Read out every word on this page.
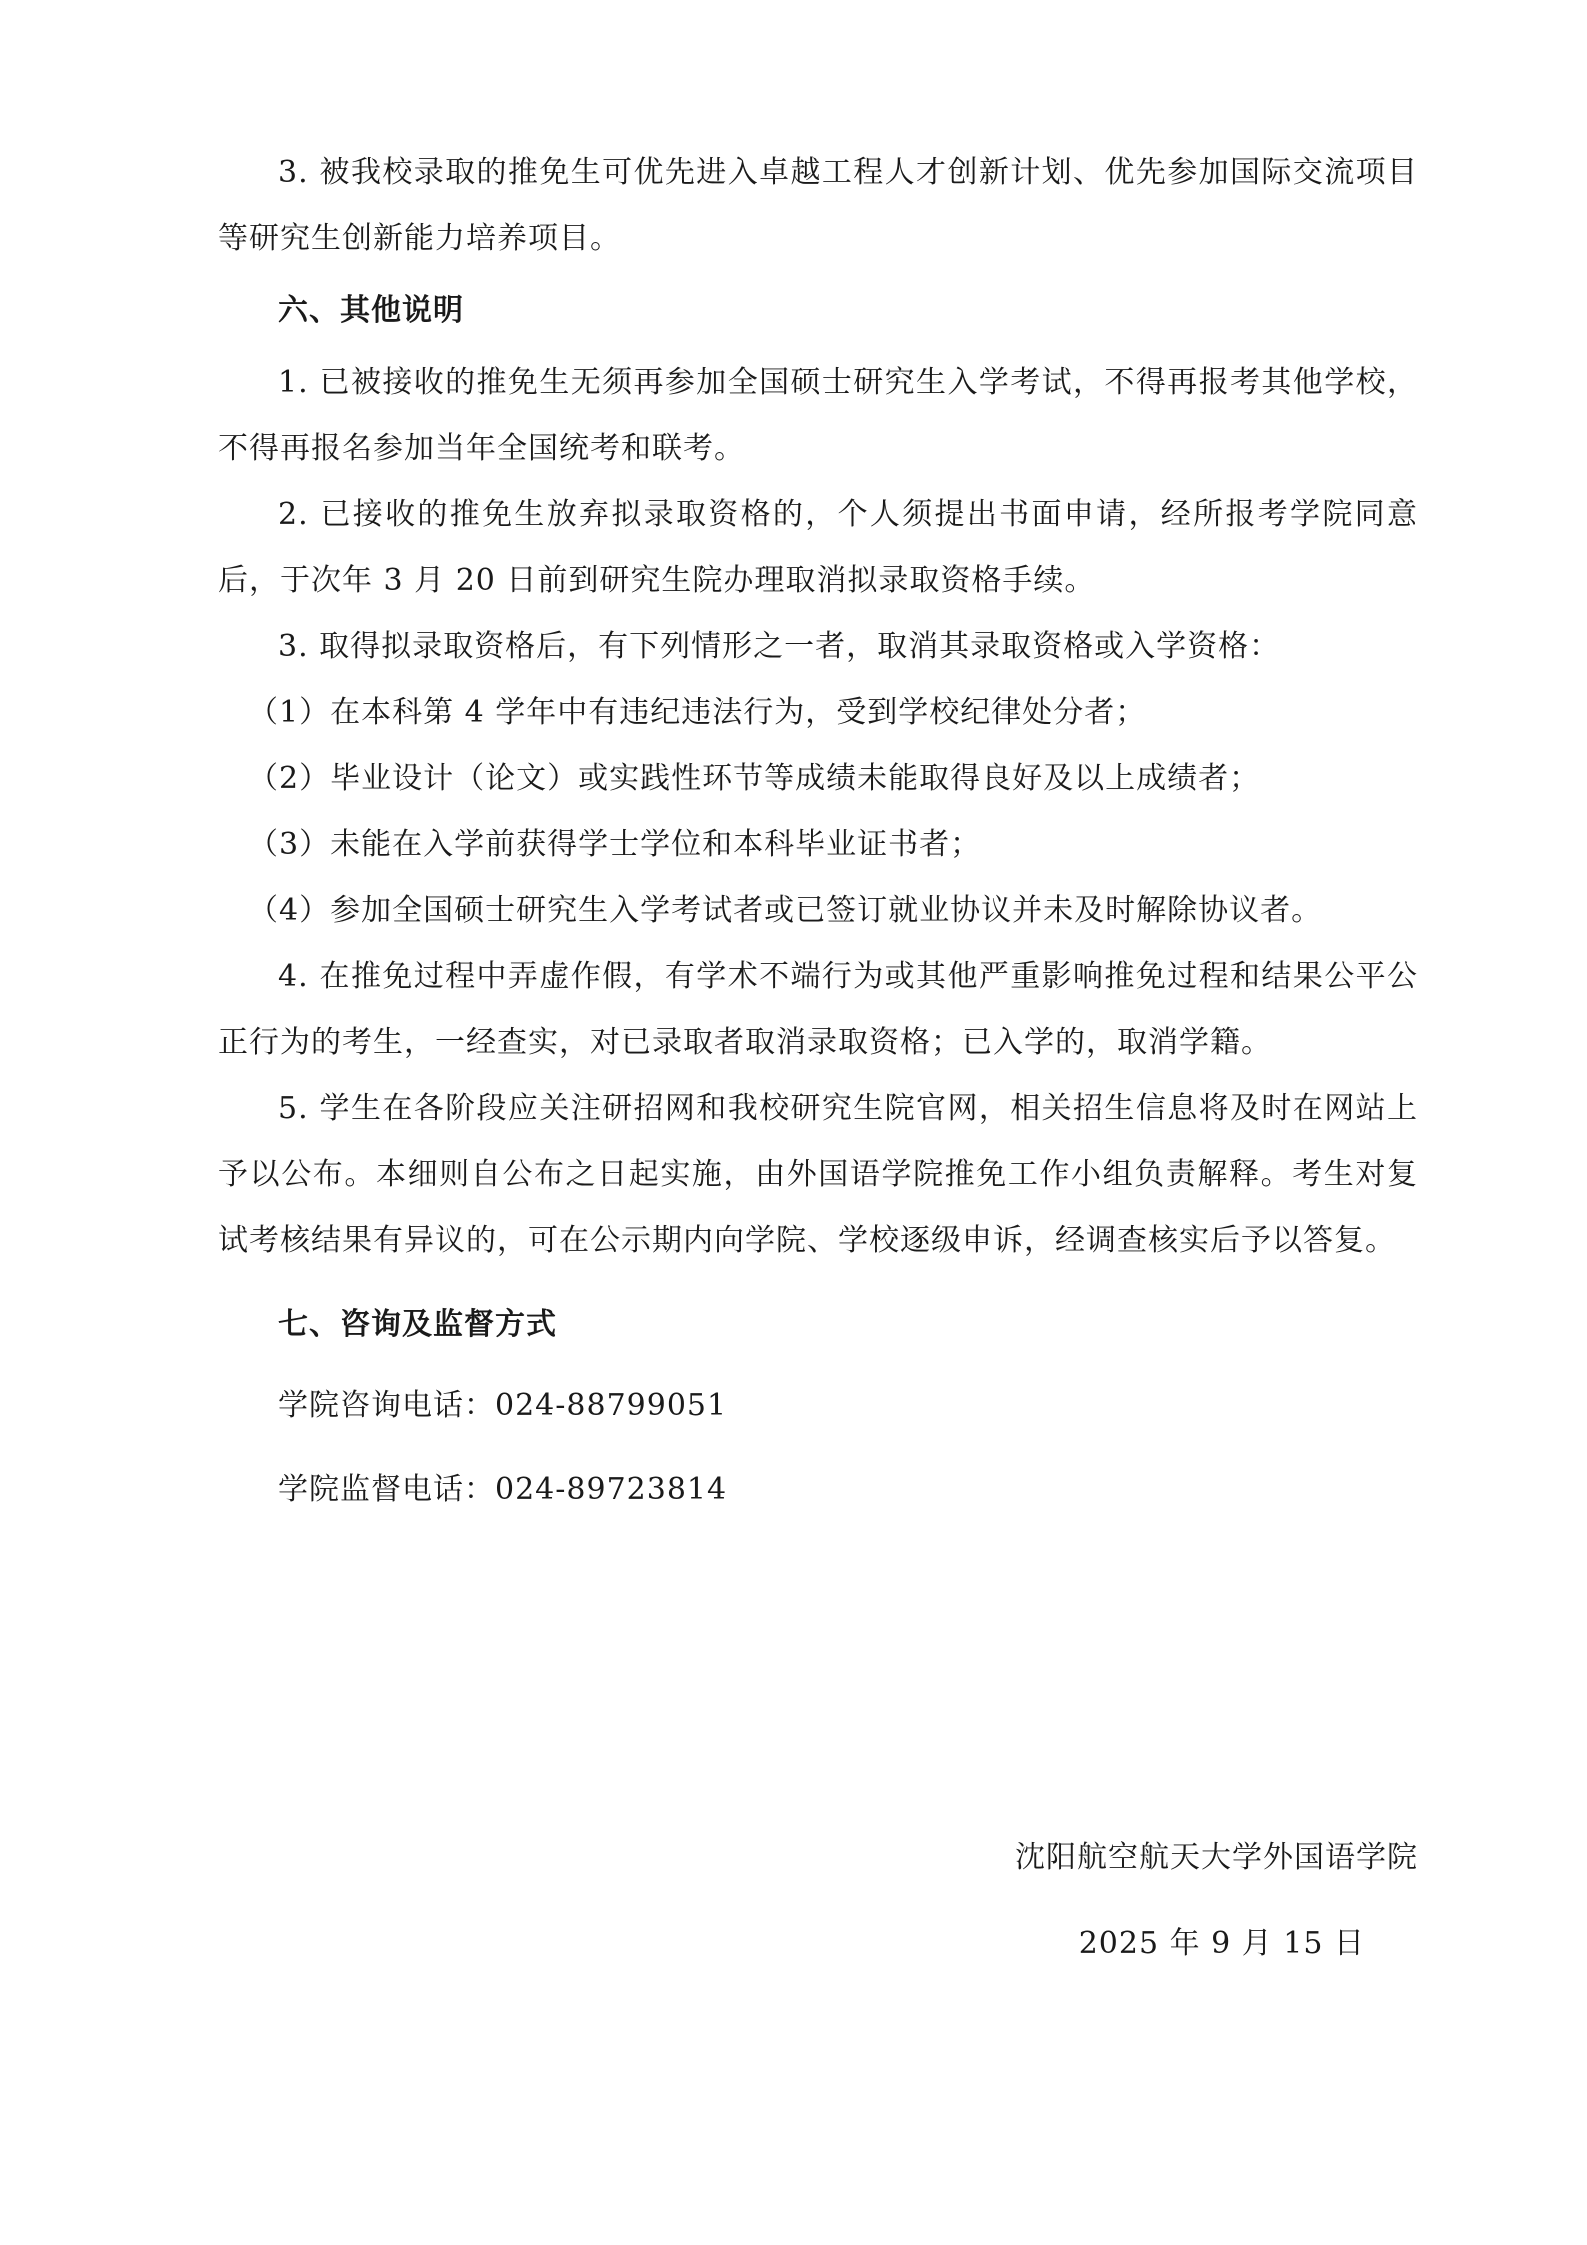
3. 被我校录取的推免生可优先进入卓越工程人才创新计划、优先参加国际交流项目等研究生创新能力培养项目。

六、其他说明

1. 已被接收的推免生无须再参加全国硕士研究生入学考试，不得再报考其他学校，不得再报名参加当年全国统考和联考。

2. 已接收的推免生放弃拟录取资格的，个人须提出书面申请，经所报考学院同意后，于次年 3 月 20 日前到研究生院办理取消拟录取资格手续。

3. 取得拟录取资格后，有下列情形之一者，取消其录取资格或入学资格：

（1）在本科第 4 学年中有违纪违法行为，受到学校纪律处分者；

（2）毕业设计（论文）或实践性环节等成绩未能取得良好及以上成绩者；

（3）未能在入学前获得学士学位和本科毕业证书者；

（4）参加全国硕士研究生入学考试者或已签订就业协议并未及时解除协议者。

4. 在推免过程中弄虚作假，有学术不端行为或其他严重影响推免过程和结果公平公正行为的考生，一经查实，对已录取者取消录取资格；已入学的，取消学籍。

5. 学生在各阶段应关注研招网和我校研究生院官网，相关招生信息将及时在网站上予以公布。本细则自公布之日起实施，由外国语学院推免工作小组负责解释。考生对复试考核结果有异议的，可在公示期内向学院、学校逐级申诉，经调查核实后予以答复。

七、咨询及监督方式

学院咨询电话：024-88799051

学院监督电话：024-89723814

沈阳航空航天大学外国语学院
2025 年 9 月 15 日
